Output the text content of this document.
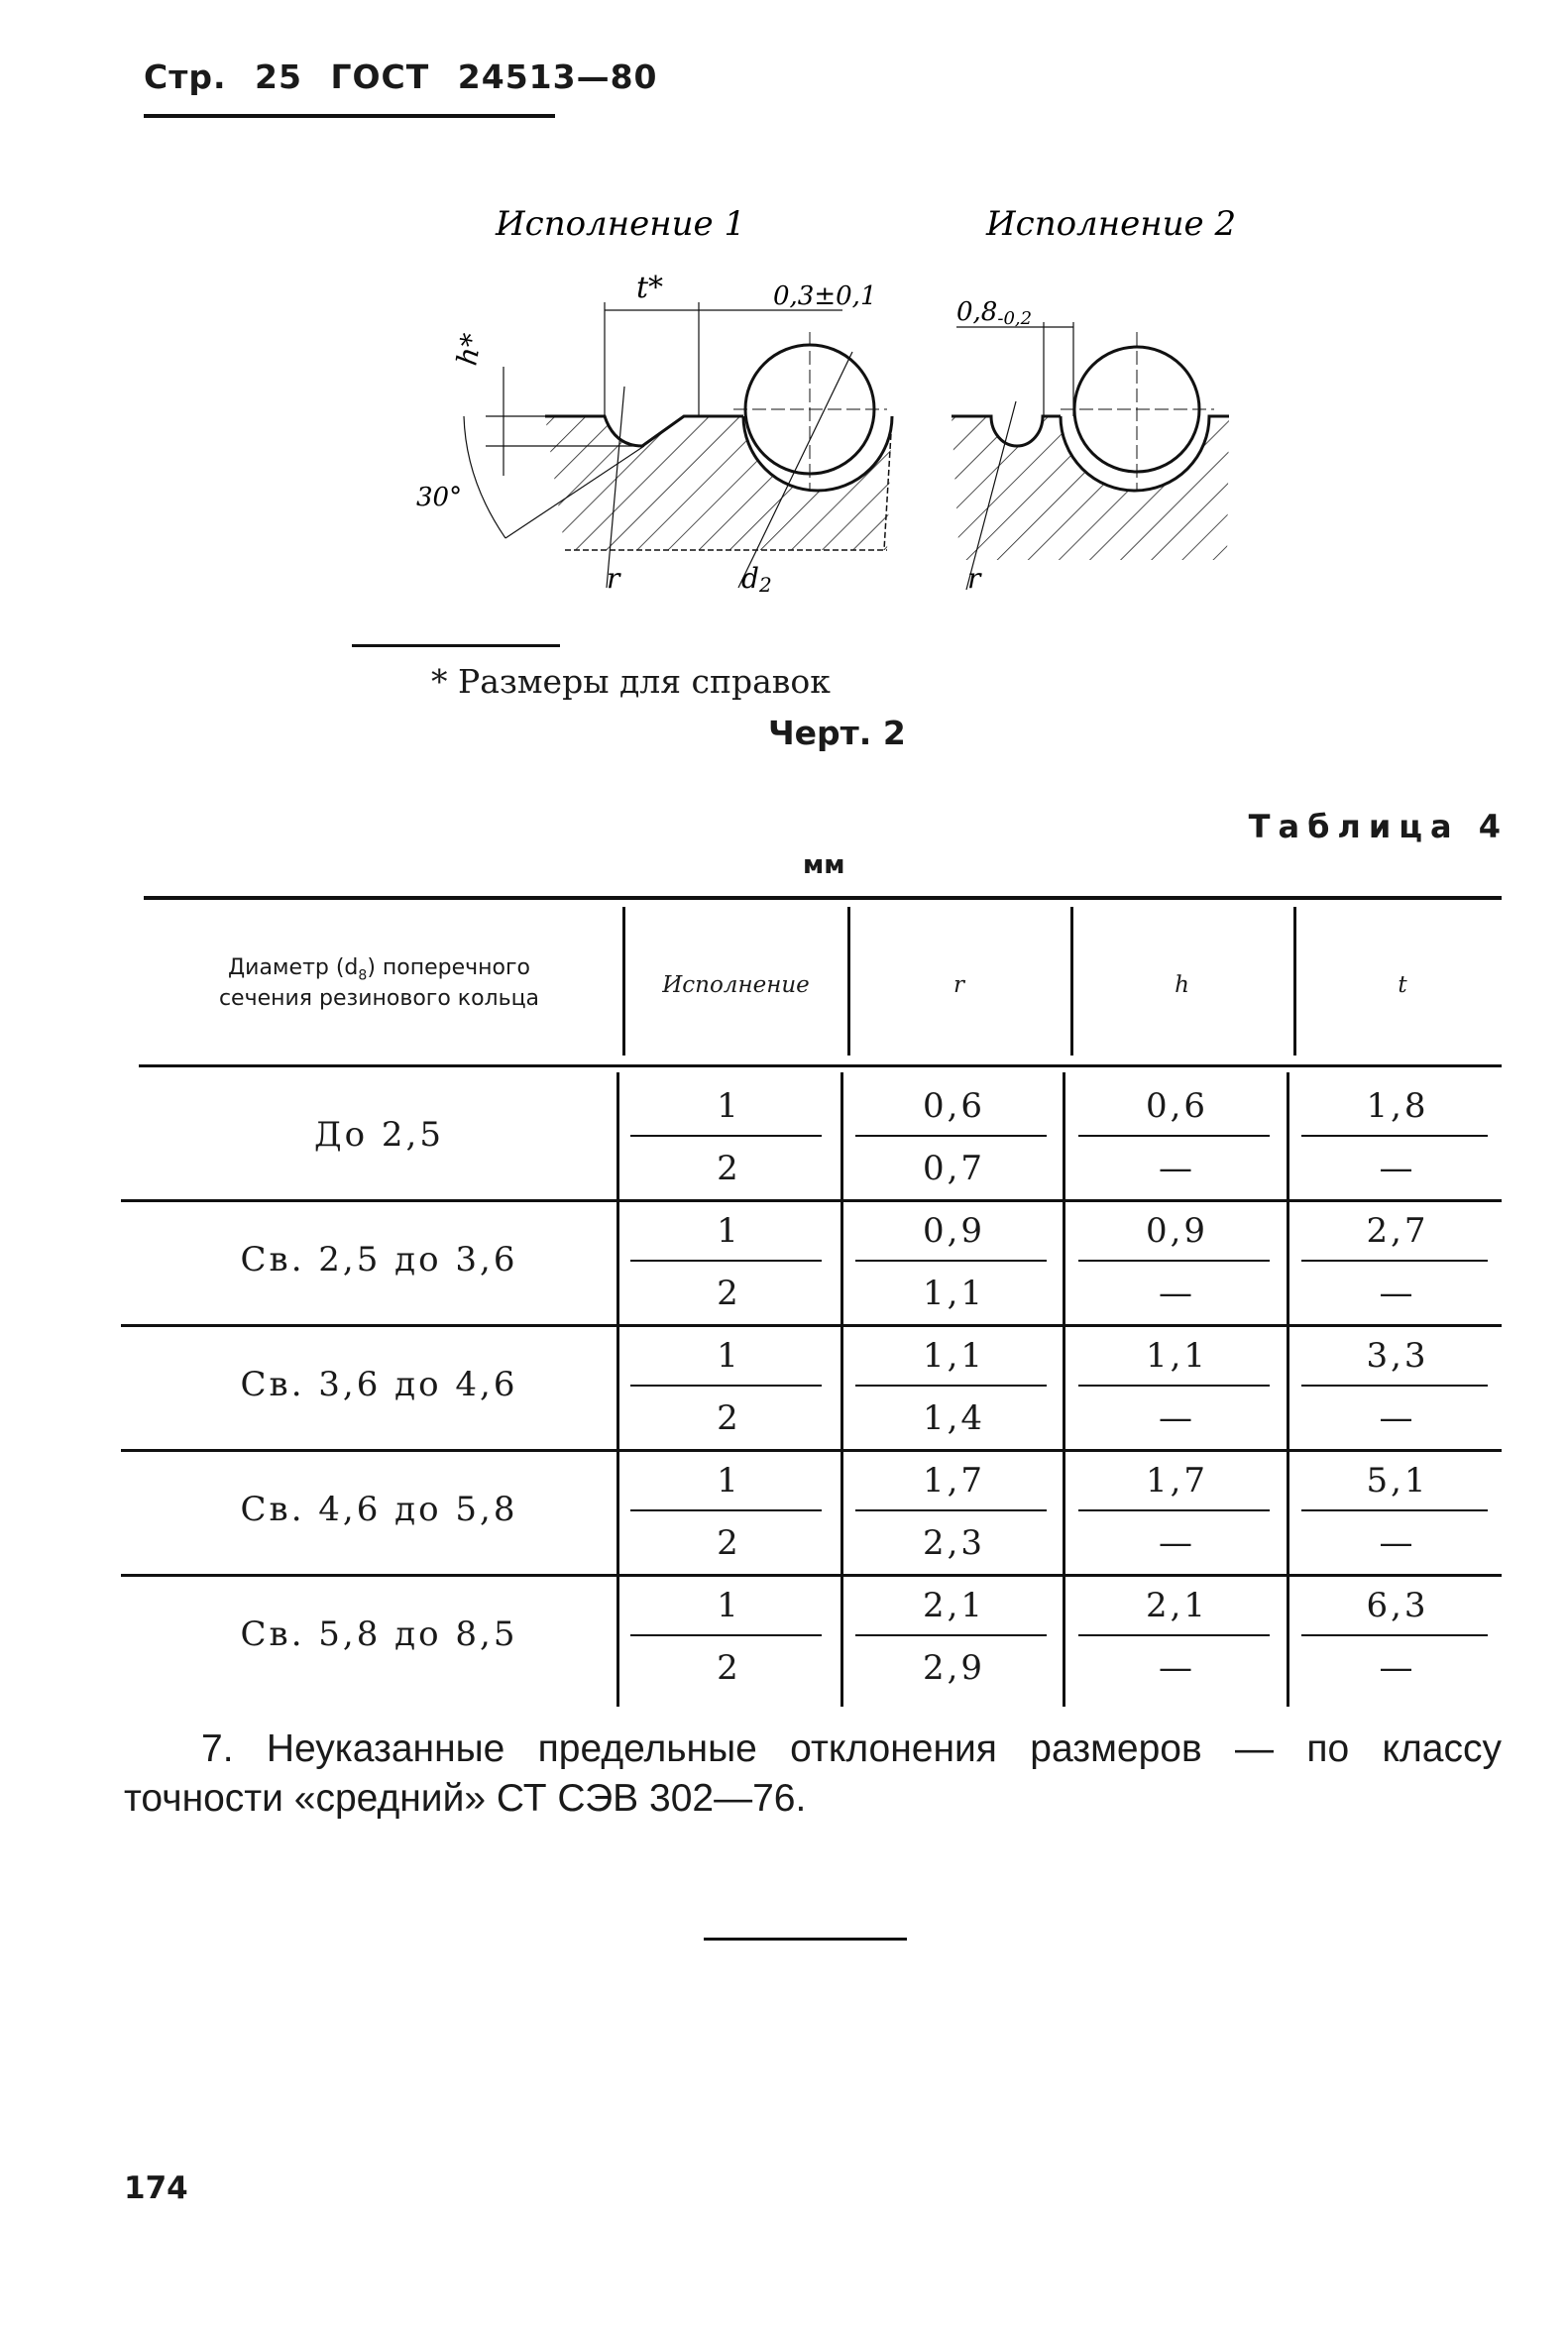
Стр. 25 ГОСТ 24513—80
Исполнение 1	Исполнение 2
t*	0,3±0,1
h*
30°
r	d2
0,8-0,2
r
* Размеры для справок
Черт. 2
Таблица 4
мм
Диаметр $(d_8)$ поперечного
сечения резинового кольца
Исполнение	r	h	t
До 2,5
1	0,6	0,6	1,8
2	0,7	—	—
Св. 2,5 до 3,6
1	0,9	0,9	2,7
2	1,1	—	—
Св. 3,6 до 4,6
1	1,1	1,1	3,3
2	1,4	—	—
Св. 4,6 до 5,8
1	1,7	1,7	5,1
2	2,3	—	—
Св. 5,8 до 8,5
1	2,1	2,1	6,3
2	2,9	—	—
7. Неуказанные предельные отклонения размеров — по классу точности «средний» СТ СЭВ 302—76.
174
